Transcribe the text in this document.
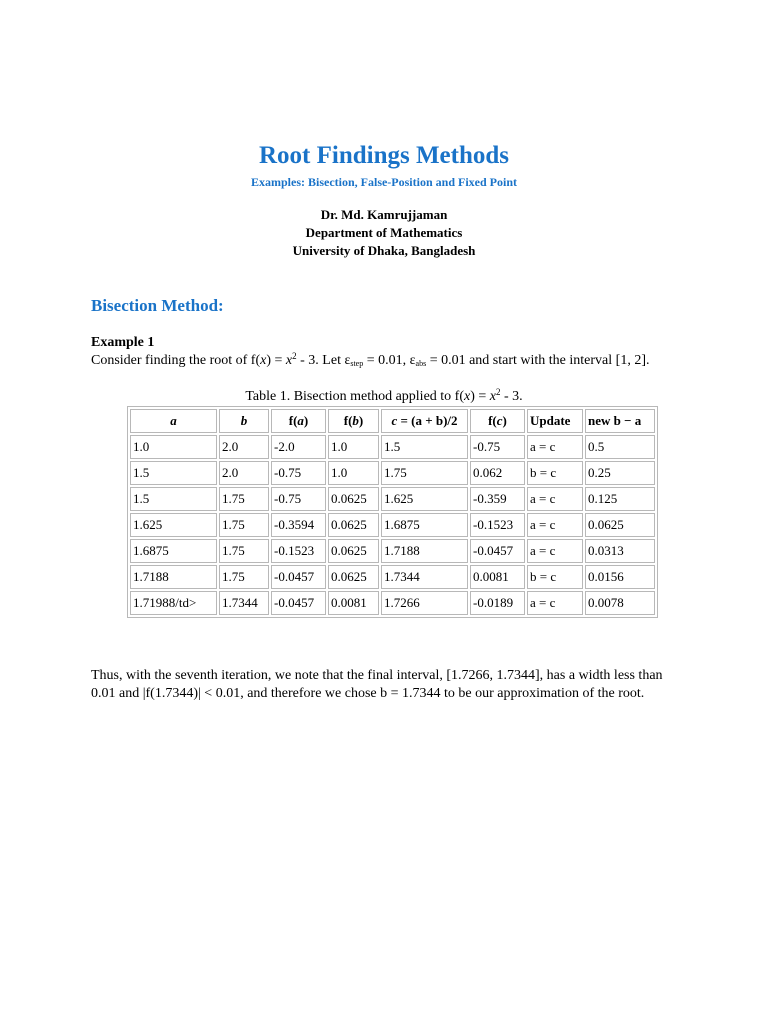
Root Findings Methods

Examples: Bisection, False-Position and Fixed Point

Dr. Md. Kamrujjaman
Department of Mathematics
University of Dhaka, Bangladesh
Bisection Method:
Example 1

Consider finding the root of $f(x) = x^2 - 3$. Let $\varepsilon_{step} = 0.01$, $\varepsilon_{abs} = 0.01$ and start with the interval [1, 2].

Table 1. Bisection method applied to $f(x) = x^2 - 3$.

a	b	f(a)	f(b)	c = (a + b)/2	f(c)	Update	new b − a
1.0	2.0	-2.0	1.0	1.5	-0.75	a = c	0.5
1.5	2.0	-0.75	1.0	1.75	0.062	b = c	0.25
1.5	1.75	-0.75	0.0625	1.625	-0.359	a = c	0.125
1.625	1.75	-0.3594	0.0625	1.6875	-0.1523	a = c	0.0625
1.6875	1.75	-0.1523	0.0625	1.7188	-0.0457	a = c	0.0313
1.7188	1.75	-0.0457	0.0625	1.7344	0.0081	b = c	0.0156
1.71988/td>	1.7344	-0.0457	0.0081	1.7266	-0.0189	a = c	0.0078

Thus, with the seventh iteration, we note that the final interval, [1.7266, 1.7344], has a width less than 0.01 and |f(1.7344)| < 0.01, and therefore we chose b = 1.7344 to be our approximation of the root.
